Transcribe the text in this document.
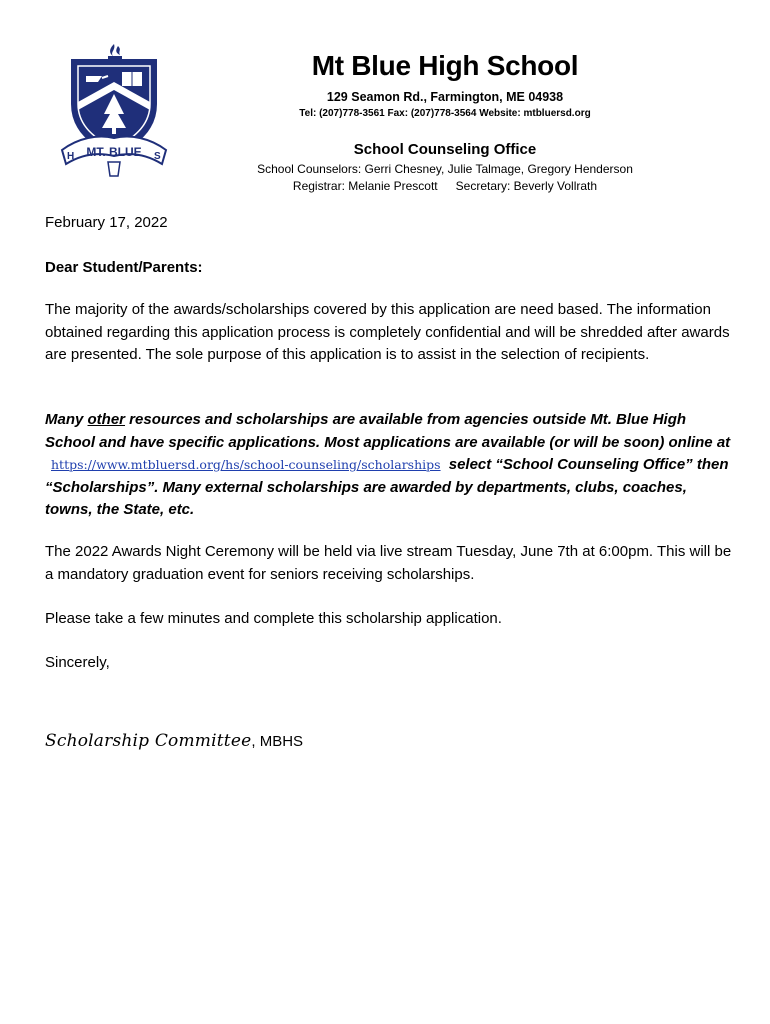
MT. BLUE
H	S
Mt Blue High School
129 Seamon Rd., Farmington, ME 04938
Tel: (207)778-3561 Fax: (207)778-3564 Website: mtbluersd.org
School Counseling Office
School Counselors: Gerri Chesney, Julie Talmage, Gregory Henderson
Registrar: Melanie Prescott Secretary: Beverly Vollrath
February 17, 2022
Dear Student/Parents:
The majority of the awards/scholarships covered by this application are need based. The information obtained regarding this application process is completely confidential and will be shredded after awards are presented. The sole purpose of this application is to assist in the selection of recipients.
Many other resources and scholarships are available from agencies outside Mt. Blue High School and have specific applications. Most applications are available (or will be soon) online at https://www.mtbluersd.org/hs/school-counseling/scholarships select “School Counseling Office” then “Scholarships”. Many external scholarships are awarded by departments, clubs, coaches, towns, the State, etc.
The 2022 Awards Night Ceremony will be held via live stream Tuesday, June 7th at 6:00pm. This will be a mandatory graduation event for seniors receiving scholarships.
Please take a few minutes and complete this scholarship application.
Sincerely,
Scholarship Committee, MBHS
